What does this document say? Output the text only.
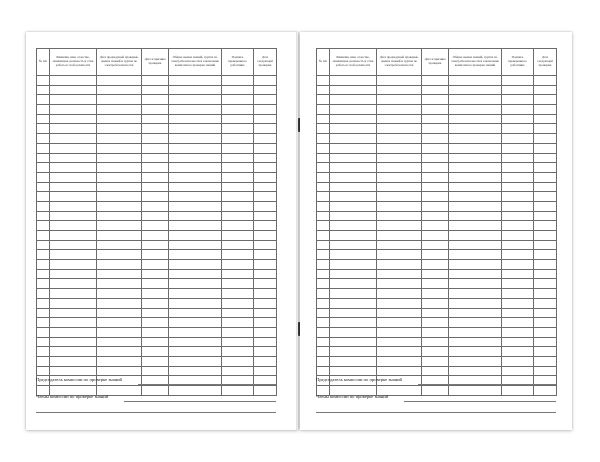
№ п/п	Фамилия, имя, отчество, занимаемая должность и стаж работы в этой должности	Дата предыдущей проверки, оценка знаний и группа по электробезопасности	Дата и причина проверки	Общая оценка знаний, группа по электробезопасности и заключение комиссии по проверке знаний	Подпись проверенного работника	Дата следующей проверки

Председатель комиссии по проверке знаний
Члены комиссии по проверке знаний
№ п/п	Фамилия, имя, отчество, занимаемая должность и стаж работы в этой должности	Дата предыдущей проверки, оценка знаний и группа по электробезопасности	Дата и причина проверки	Общая оценка знаний, группа по электробезопасности и заключение комиссии по проверке знаний	Подпись проверенного работника	Дата следующей проверки

Председатель комиссии по проверке знаний
Члены комиссии по проверке знаний
